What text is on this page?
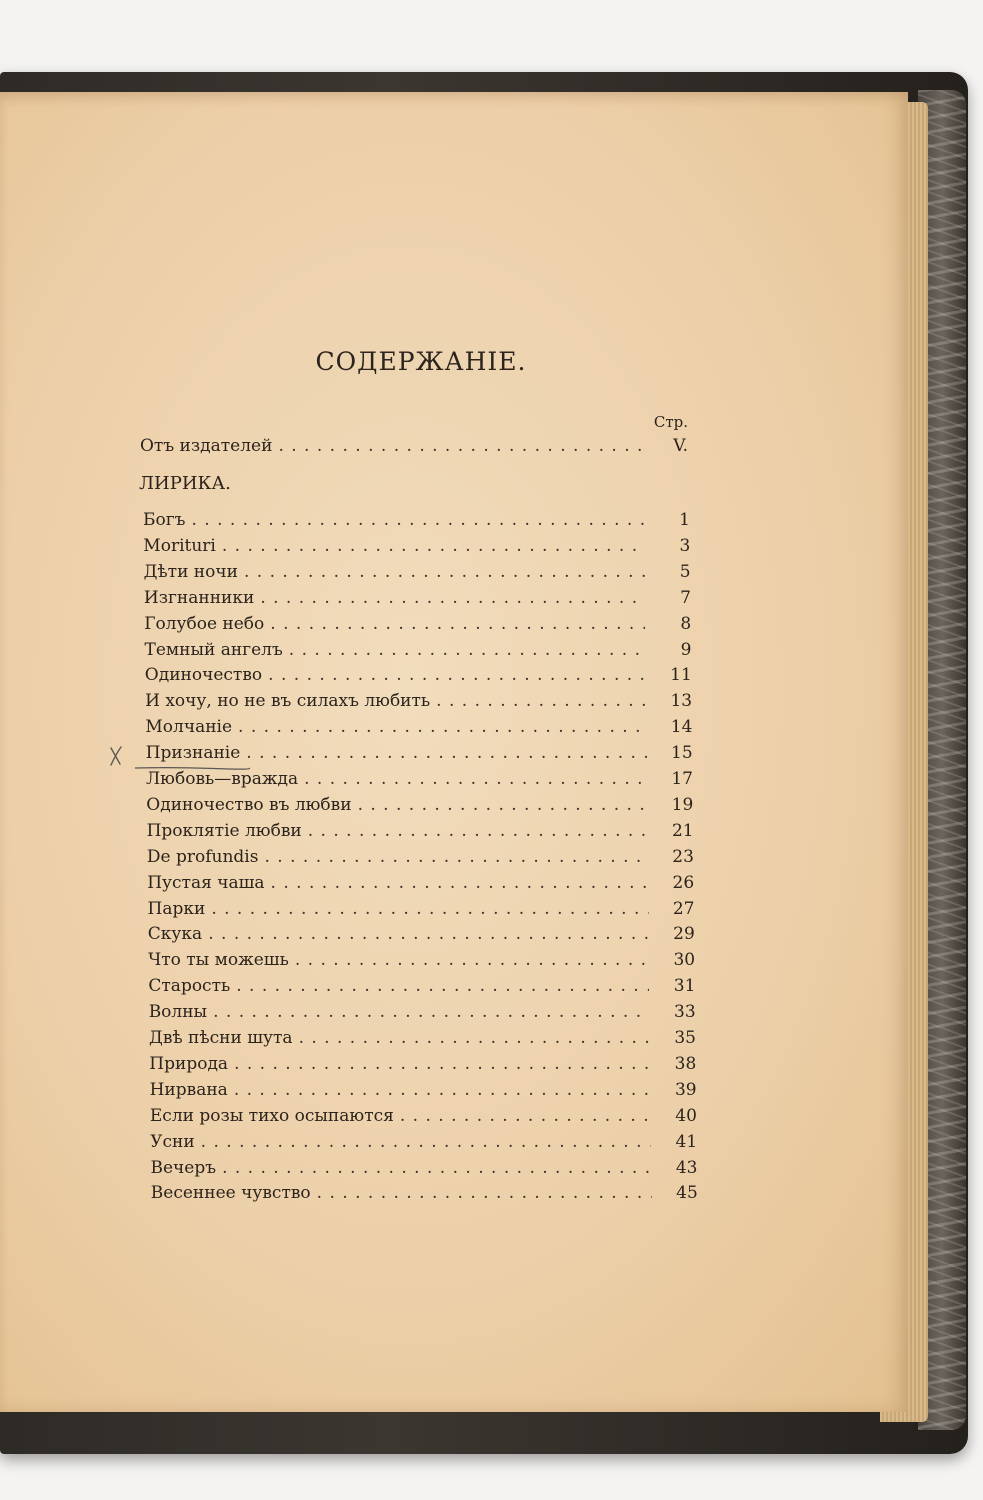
СОДЕРЖАНІЕ.
Стр.
Отъ издателей . . .	V.
ЛИРИКА.
Богъ . . .	1
Morituri . . .	3
Дѣти ночи . . .	5
Изгнанники . . .	7
Голубое небо . . .	8
Темный ангелъ . . .	9
Одиночество . . .	11
И хочу, но не въ силахъ любить . . .	13
Молчаніе . . .	14
Признаніе . . .	15
Любовь—вражда . . .	17
Одиночество въ любви . . .	19
Проклятіе любви . . .	21
De profundis . . .	23
Пустая чаша . . .	26
Парки . . .	27
Скука . . .	29
Что ты можешь . . .	30
Старость . . .	31
Волны . . .	33
Двѣ пѣсни шута . . .	35
Природа . . .	38
Нирвана . . .	39
Если розы тихо осыпаются . . .	40
Усни . . .	41
Вечеръ . . .	43
Весеннее чувство . . .	45
